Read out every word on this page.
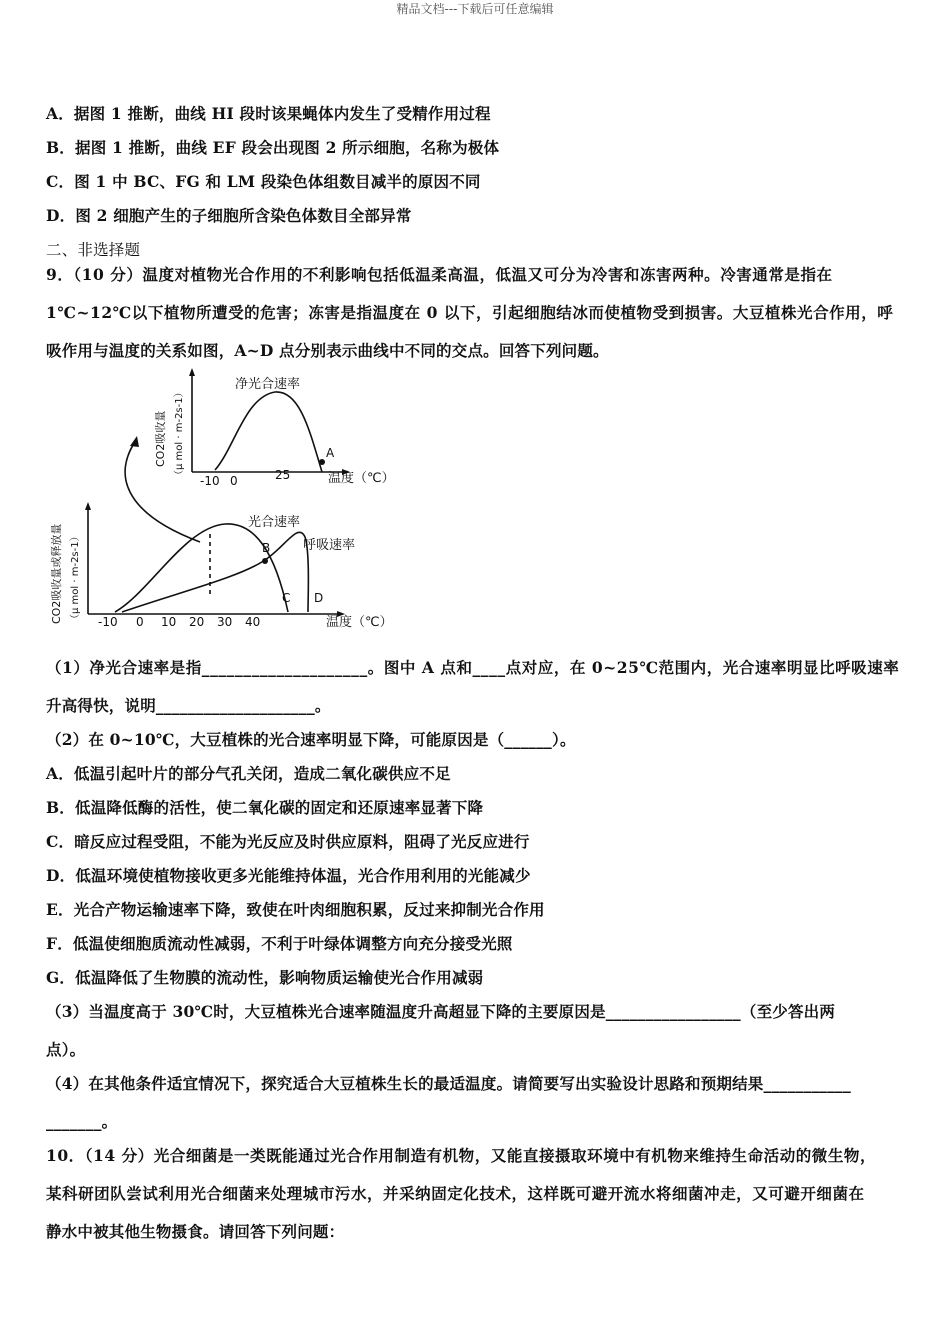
精品文档---下载后可任意编辑
A．据图 1 推断，曲线 HI 段时该果蝇体内发生了受精作用过程
B．据图 1 推断，曲线 EF 段会出现图 2 所示细胞，名称为极体
C．图 1 中 BC、FG 和 LM 段染色体组数目减半的原因不同
D．图 2 细胞产生的子细胞所含染色体数目全部异常
二、非选择题
9．（10 分）温度对植物光合作用的不利影响包括低温柔高温，低温又可分为冷害和冻害两种。冷害通常是指在
1℃~12℃以下植物所遭受的危害；冻害是指温度在 0 以下，引起细胞结冰而使植物受到损害。大豆植株光合作用，呼
吸作用与温度的关系如图，A~D 点分别表示曲线中不同的交点。回答下列问题。
A
净光合速率
-10 0	25	温度（℃）
CO2吸收量 （μ mol · m-2s-1）
B
C D
光合速率
呼吸速率
-10 0 10 20 30 40	温度（℃）
CO2吸收量或释放量 （μ mol · m-2s-1）
（1）净光合速率是指____________________。图中 A 点和____点对应，在 0~25℃范围内，光合速率明显比呼吸速率
升高得快，说明____________________。
（2）在 0~10℃，大豆植株的光合速率明显下降，可能原因是（______）。
A．低温引起叶片的部分气孔关闭，造成二氧化碳供应不足
B．低温降低酶的活性，使二氧化碳的固定和还原速率显著下降
C．暗反应过程受阻，不能为光反应及时供应原料，阻碍了光反应进行
D．低温环境使植物接收更多光能维持体温，光合作用利用的光能减少
E．光合产物运输速率下降，致使在叶肉细胞积累，反过来抑制光合作用
F．低温使细胞质流动性减弱，不利于叶绿体调整方向充分接受光照
G．低温降低了生物膜的流动性，影响物质运输使光合作用减弱
（3）当温度高于 30℃时，大豆植株光合速率随温度升高超显下降的主要原因是_________________（至少答出两
点）。
（4）在其他条件适宜情况下，探究适合大豆植株生长的最适温度。请简要写出实验设计思路和预期结果___________
_______。
10．（14 分）光合细菌是一类既能通过光合作用制造有机物，又能直接摄取环境中有机物来维持生命活动的微生物，
某科研团队尝试利用光合细菌来处理城市污水，并采纳固定化技术，这样既可避开流水将细菌冲走，又可避开细菌在
静水中被其他生物摄食。请回答下列问题：
